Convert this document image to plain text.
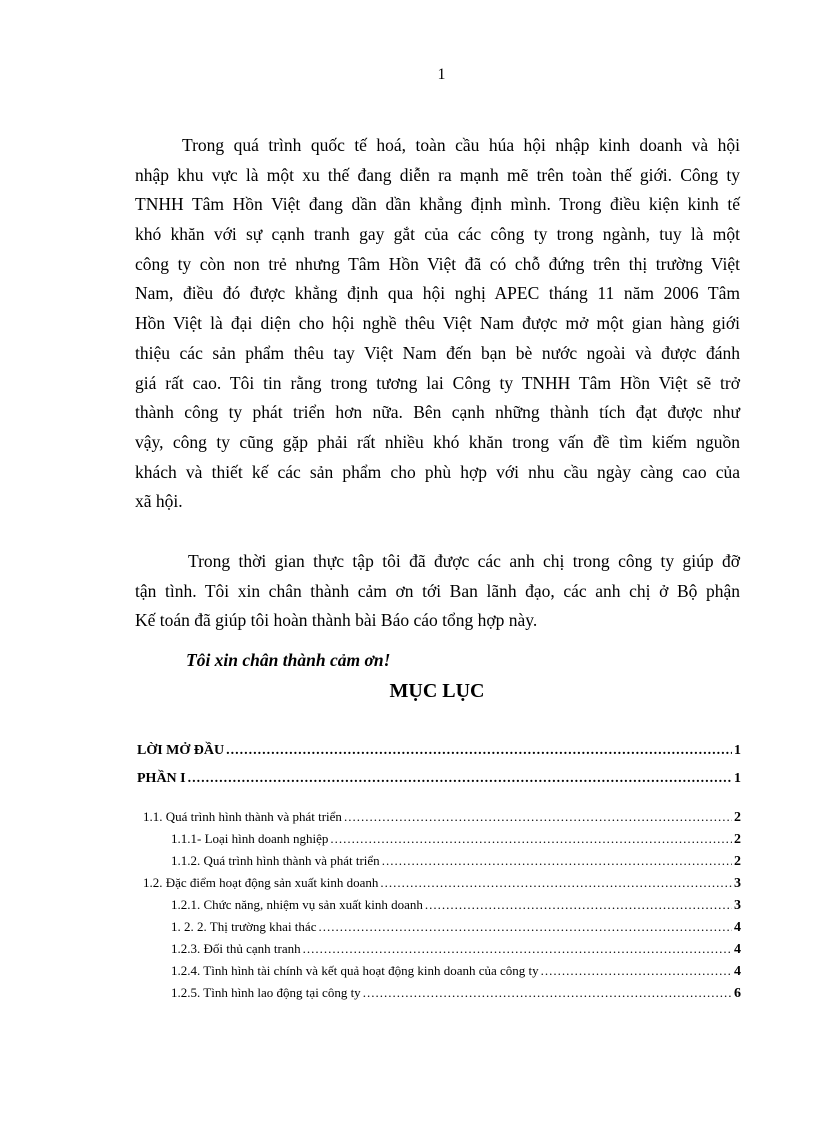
1
Trong quá trình quốc tế hoá, toàn cầu húa hội nhập kinh doanh và hội
nhập khu vực là một xu thế đang diễn ra mạnh mẽ trên toàn thế giới. Công ty
TNHH Tâm Hồn Việt đang dần dần khẳng định mình. Trong điều kiện kinh tế
khó khăn với sự cạnh tranh gay gắt của các công ty trong ngành, tuy là một
công ty còn non trẻ nhưng Tâm Hồn Việt đã có chỗ đứng trên thị trường Việt
Nam, điều đó được khẳng định qua hội nghị APEC tháng 11 năm 2006 Tâm
Hồn Việt là đại diện cho hội nghề thêu Việt Nam được mở một gian hàng giới
thiệu các sản phẩm thêu tay Việt Nam đến bạn bè nước ngoài và được đánh
giá rất cao. Tôi tin rằng trong tương lai Công ty TNHH Tâm Hồn Việt sẽ trở
thành công ty phát triển hơn nữa. Bên cạnh những thành tích đạt được như
vậy, công ty cũng gặp phải rất nhiều khó khăn trong vấn đề tìm kiếm nguồn
khách và thiết kế các sản phẩm cho phù hợp với nhu cầu ngày càng cao của
xã hội.
Trong thời gian thực tập tôi đã được các anh chị trong công ty giúp đỡ
tận tình. Tôi xin chân thành cảm ơn tới Ban lãnh đạo, các anh chị ở Bộ phận
Kế toán đã giúp tôi hoàn thành bài Báo cáo tổng hợp này.
Tôi xin chân thành cảm ơn!
MỤC LỤC
LỜI MỞ ĐẦU .....	1
PHẦN I .....	1
1.1. Quá trình hình thành và phát triển .....	2
1.1.1- Loại hình doanh nghiệp .....	2
1.1.2. Quá trình hình thành và phát triển .....	2
1.2. Đặc điểm hoạt động sản xuất kinh doanh .....	3
1.2.1. Chức năng, nhiệm vụ sản xuất kinh doanh .....	3
1. 2. 2. Thị trường khai thác .....	4
1.2.3. Đối thủ cạnh tranh .....	4
1.2.4. Tình hình tài chính và kết quả hoạt động kinh doanh của công ty .....	4
1.2.5. Tình hình lao động tại công ty .....	6
